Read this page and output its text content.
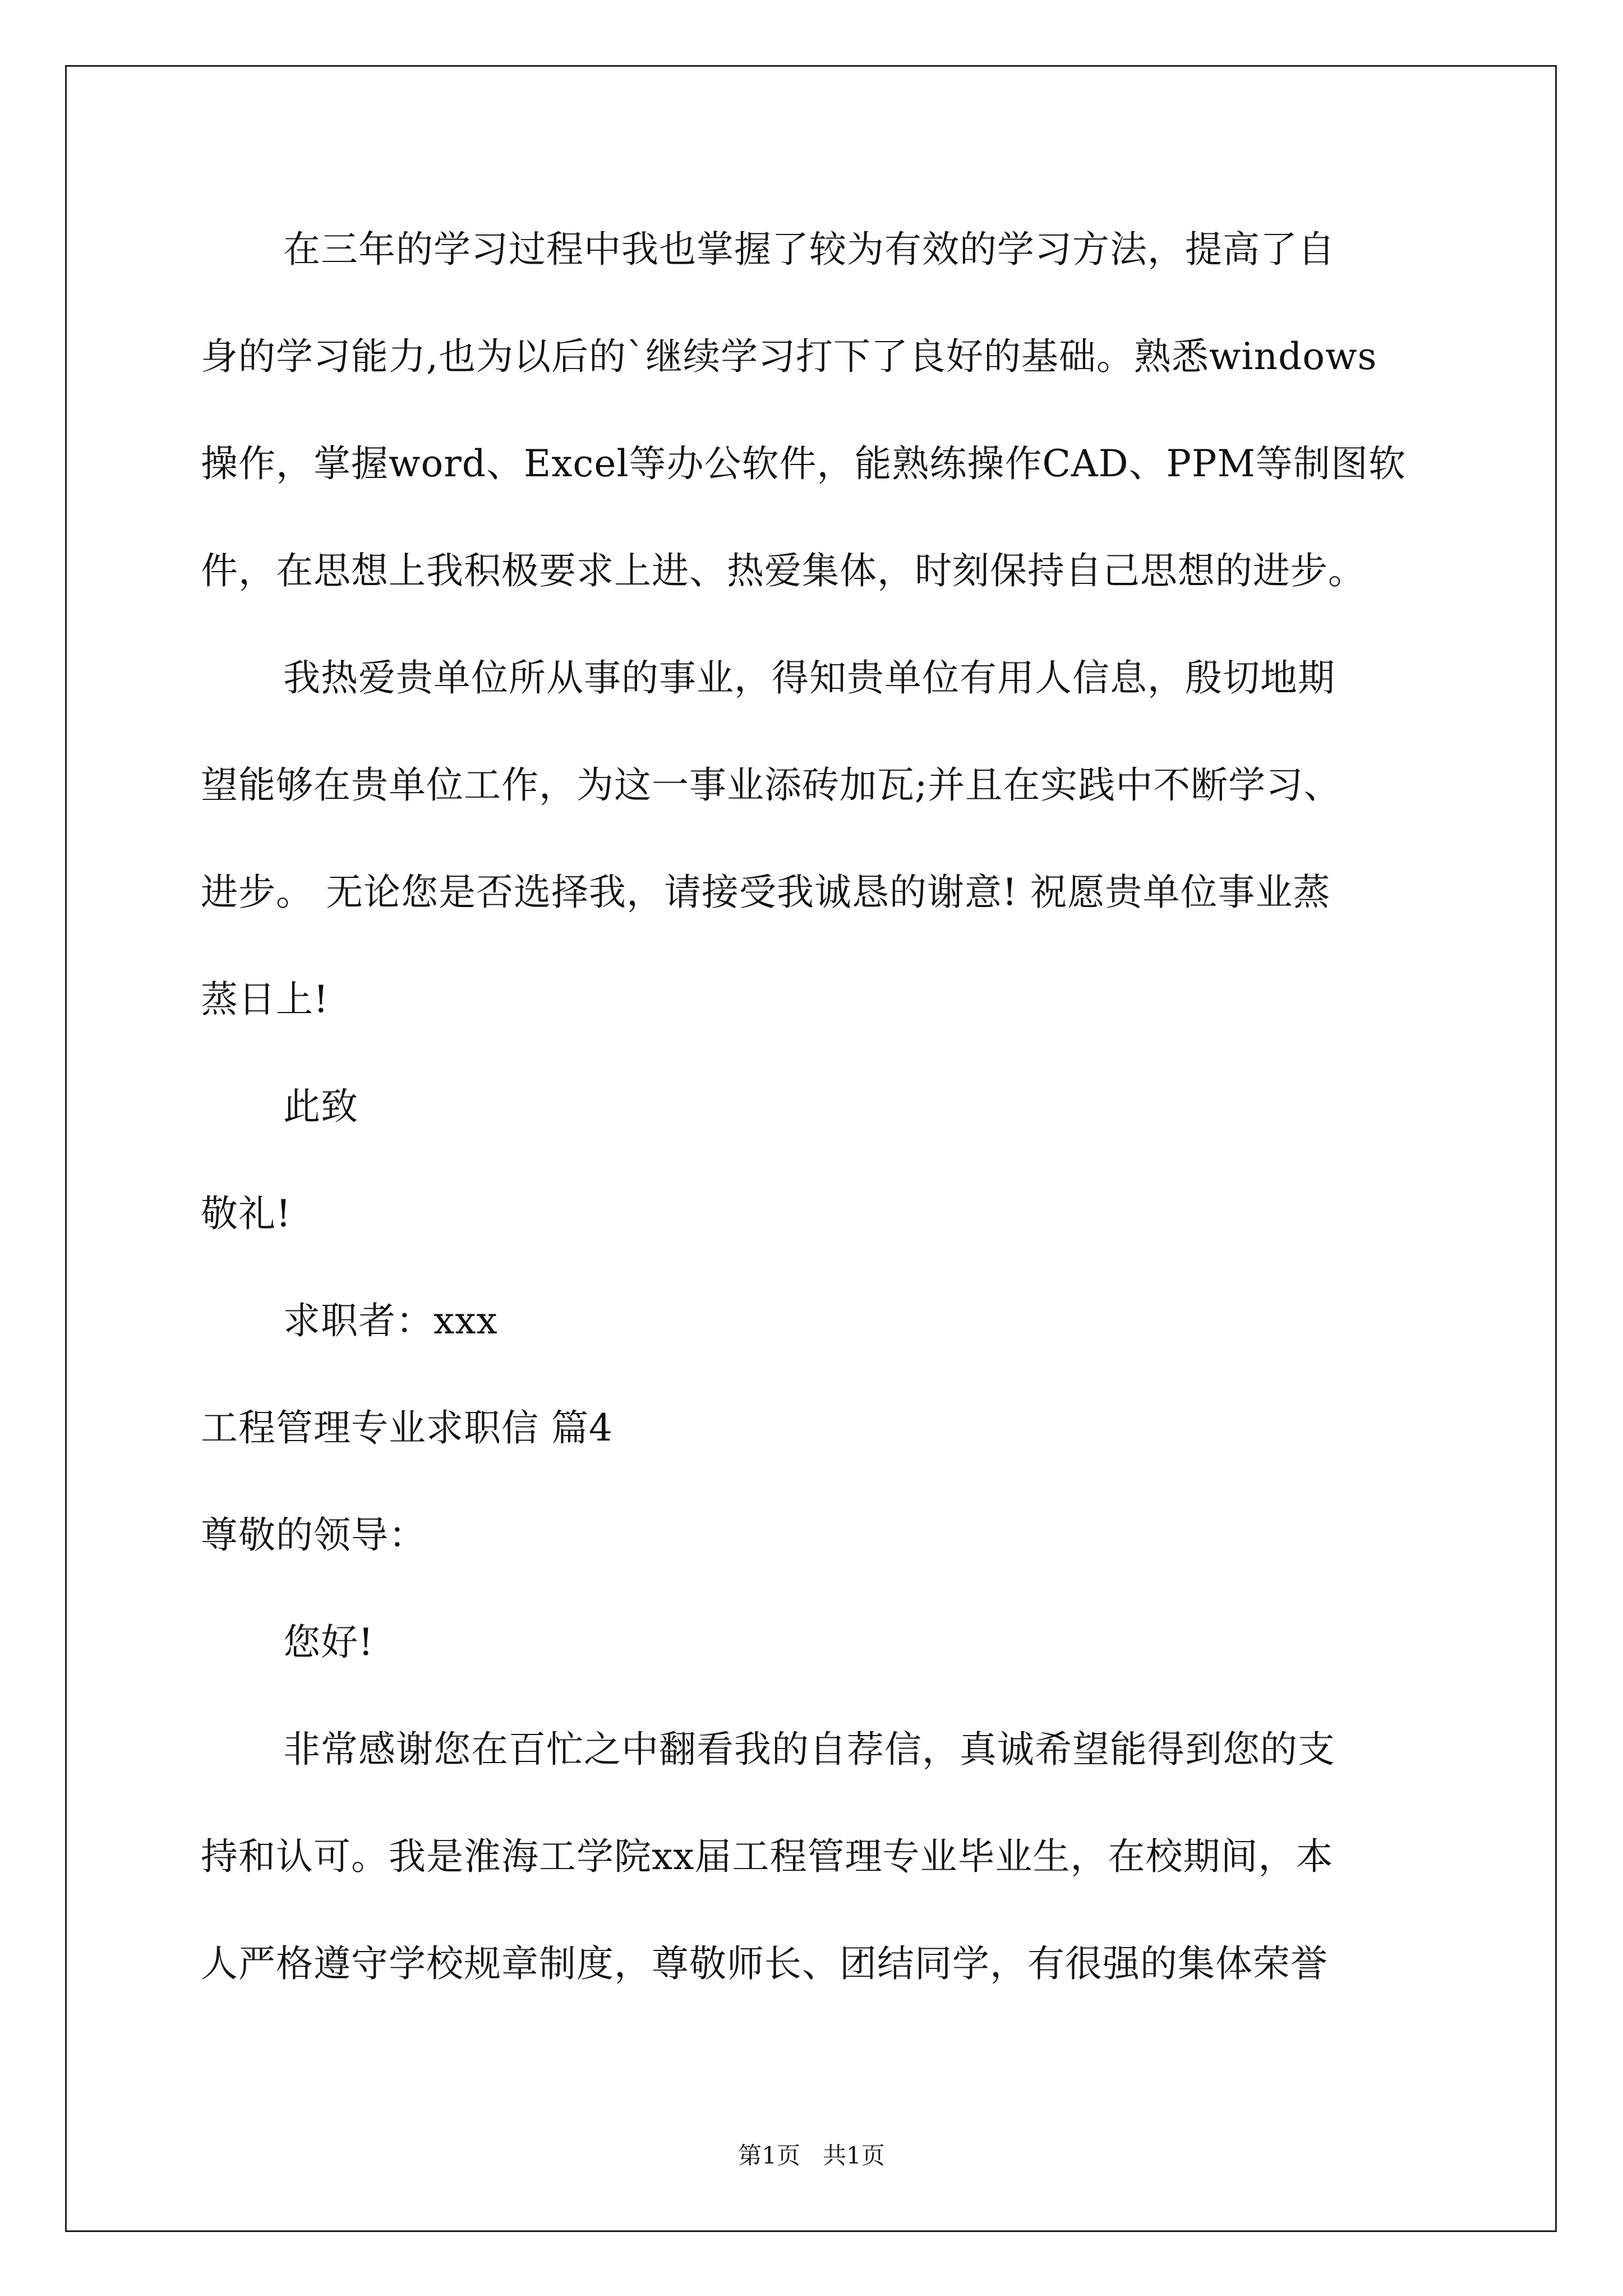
在三年的学习过程中我也掌握了较为有效的学习方法，提高了自
身的学习能力,也为以后的`继续学习打下了良好的基础。熟悉windows
操作，掌握word、Excel等办公软件，能熟练操作CAD、PPM等制图软
件，在思想上我积极要求上进、热爱集体，时刻保持自己思想的进步。
我热爱贵单位所从事的事业，得知贵单位有用人信息，殷切地期
望能够在贵单位工作，为这一事业添砖加瓦;并且在实践中不断学习、
进步。 无论您是否选择我，请接受我诚恳的谢意! 祝愿贵单位事业蒸
蒸日上!
此致
敬礼!
求职者：xxx
工程管理专业求职信 篇4
尊敬的领导：
您好!
非常感谢您在百忙之中翻看我的自荐信，真诚希望能得到您的支
持和认可。我是淮海工学院xx届工程管理专业毕业生，在校期间，本
人严格遵守学校规章制度，尊敬师长、团结同学，有很强的集体荣誉
第1页   共1页
